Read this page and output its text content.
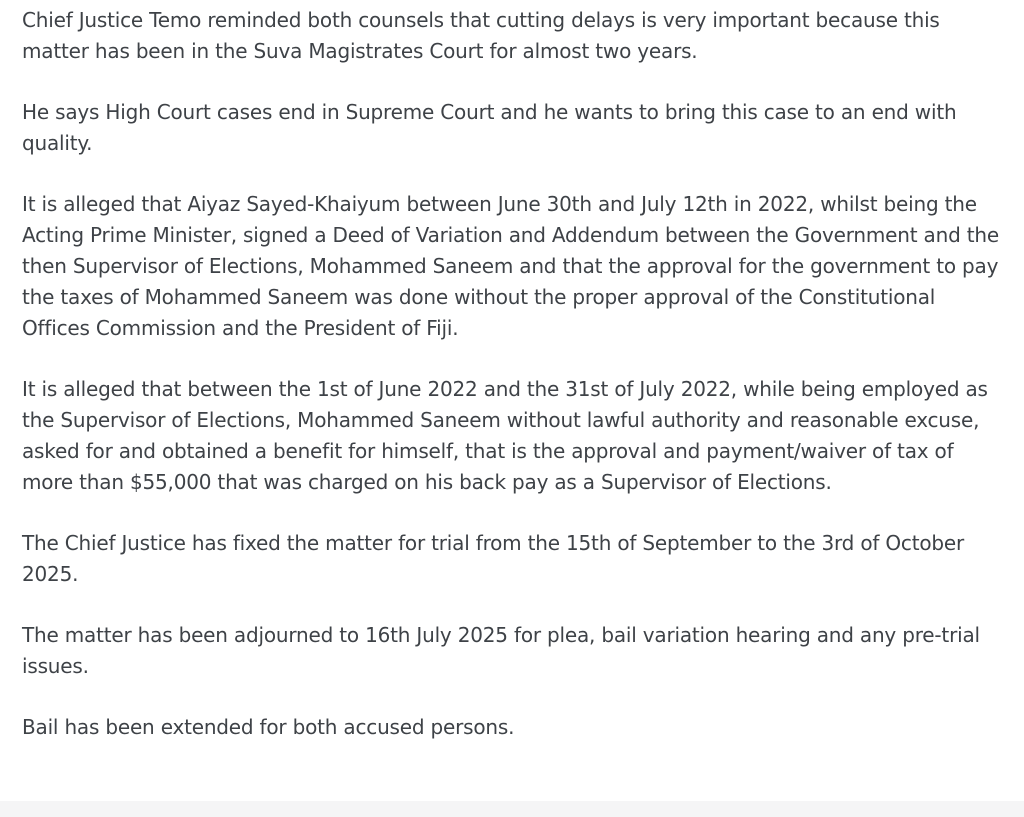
Chief Justice Temo reminded both counsels that cutting delays is very important because this matter has been in the Suva Magistrates Court for almost two years.

He says High Court cases end in Supreme Court and he wants to bring this case to an end with quality.

It is alleged that Aiyaz Sayed-Khaiyum between June 30th and July 12th in 2022, whilst being the Acting Prime Minister, signed a Deed of Variation and Addendum between the Government and the then Supervisor of Elections, Mohammed Saneem and that the approval for the government to pay the taxes of Mohammed Saneem was done without the proper approval of the Constitutional Offices Commission and the President of Fiji.

It is alleged that between the 1st of June 2022 and the 31st of July 2022, while being employed as the Supervisor of Elections, Mohammed Saneem without lawful authority and reasonable excuse, asked for and obtained a benefit for himself, that is the approval and payment/waiver of tax of more than $55,000 that was charged on his back pay as a Supervisor of Elections.

The Chief Justice has fixed the matter for trial from the 15th of September to the 3rd of October 2025.

The matter has been adjourned to 16th July 2025 for plea, bail variation hearing and any pre-trial issues.

Bail has been extended for both accused persons.
